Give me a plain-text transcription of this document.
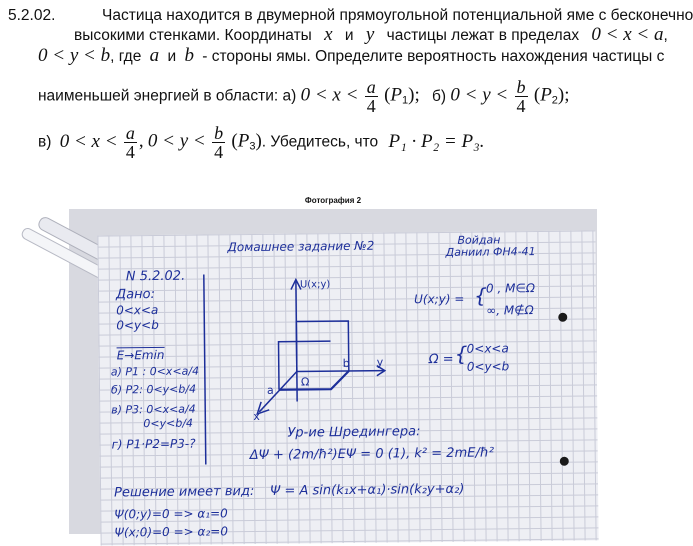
5.2.02.	Частица находится в двумерной прямоугольной потенциальной яме с бесконечно
высокими стенками. Координаты x и y частицы лежат в пределах 0 < x < a,
0 < y < b, где a и b - стороны ямы. Определите вероятность нахождения частицы с
наименьшей энергией в области: а) $0 < x < \frac{a}{4} (P_1)$; б) $0 < y < \frac{b}{4} (P_2)$;
в) $0 < x < \frac{a}{4}$ , $0 < y < \frac{b}{4} (P_3)$. Убедитесь, что P₁ · P₂ = P₃.
Фотография 2
Домашнее задание №2	Войдан
Даниил ФН4-41
N 5.2.02.
Дано:
0<x<a
0<y<b
E→Emin
а) P1 : 0<x<a/4
б) P2: 0<y<b/4
в) P3: 0<x<a/4
0<y<b/4
г) P1·P2=P3-?
U(x;y)
y
x
a
b
Ω
U(x;y) = {
0 , M∈Ω
∞, M∉Ω
Ω = { 0<x<a
0<y<b
Ур-ие Шредингера:
ΔΨ + (2m/ħ²)EΨ = 0 (1), k² = 2mE/ħ²
Решение имеет вид: Ψ = A sin(k₁x+α₁)·sin(k₂y+α₂)
Ψ(0;y)=0 => α₁=0
Ψ(x;0)=0 => α₂=0
